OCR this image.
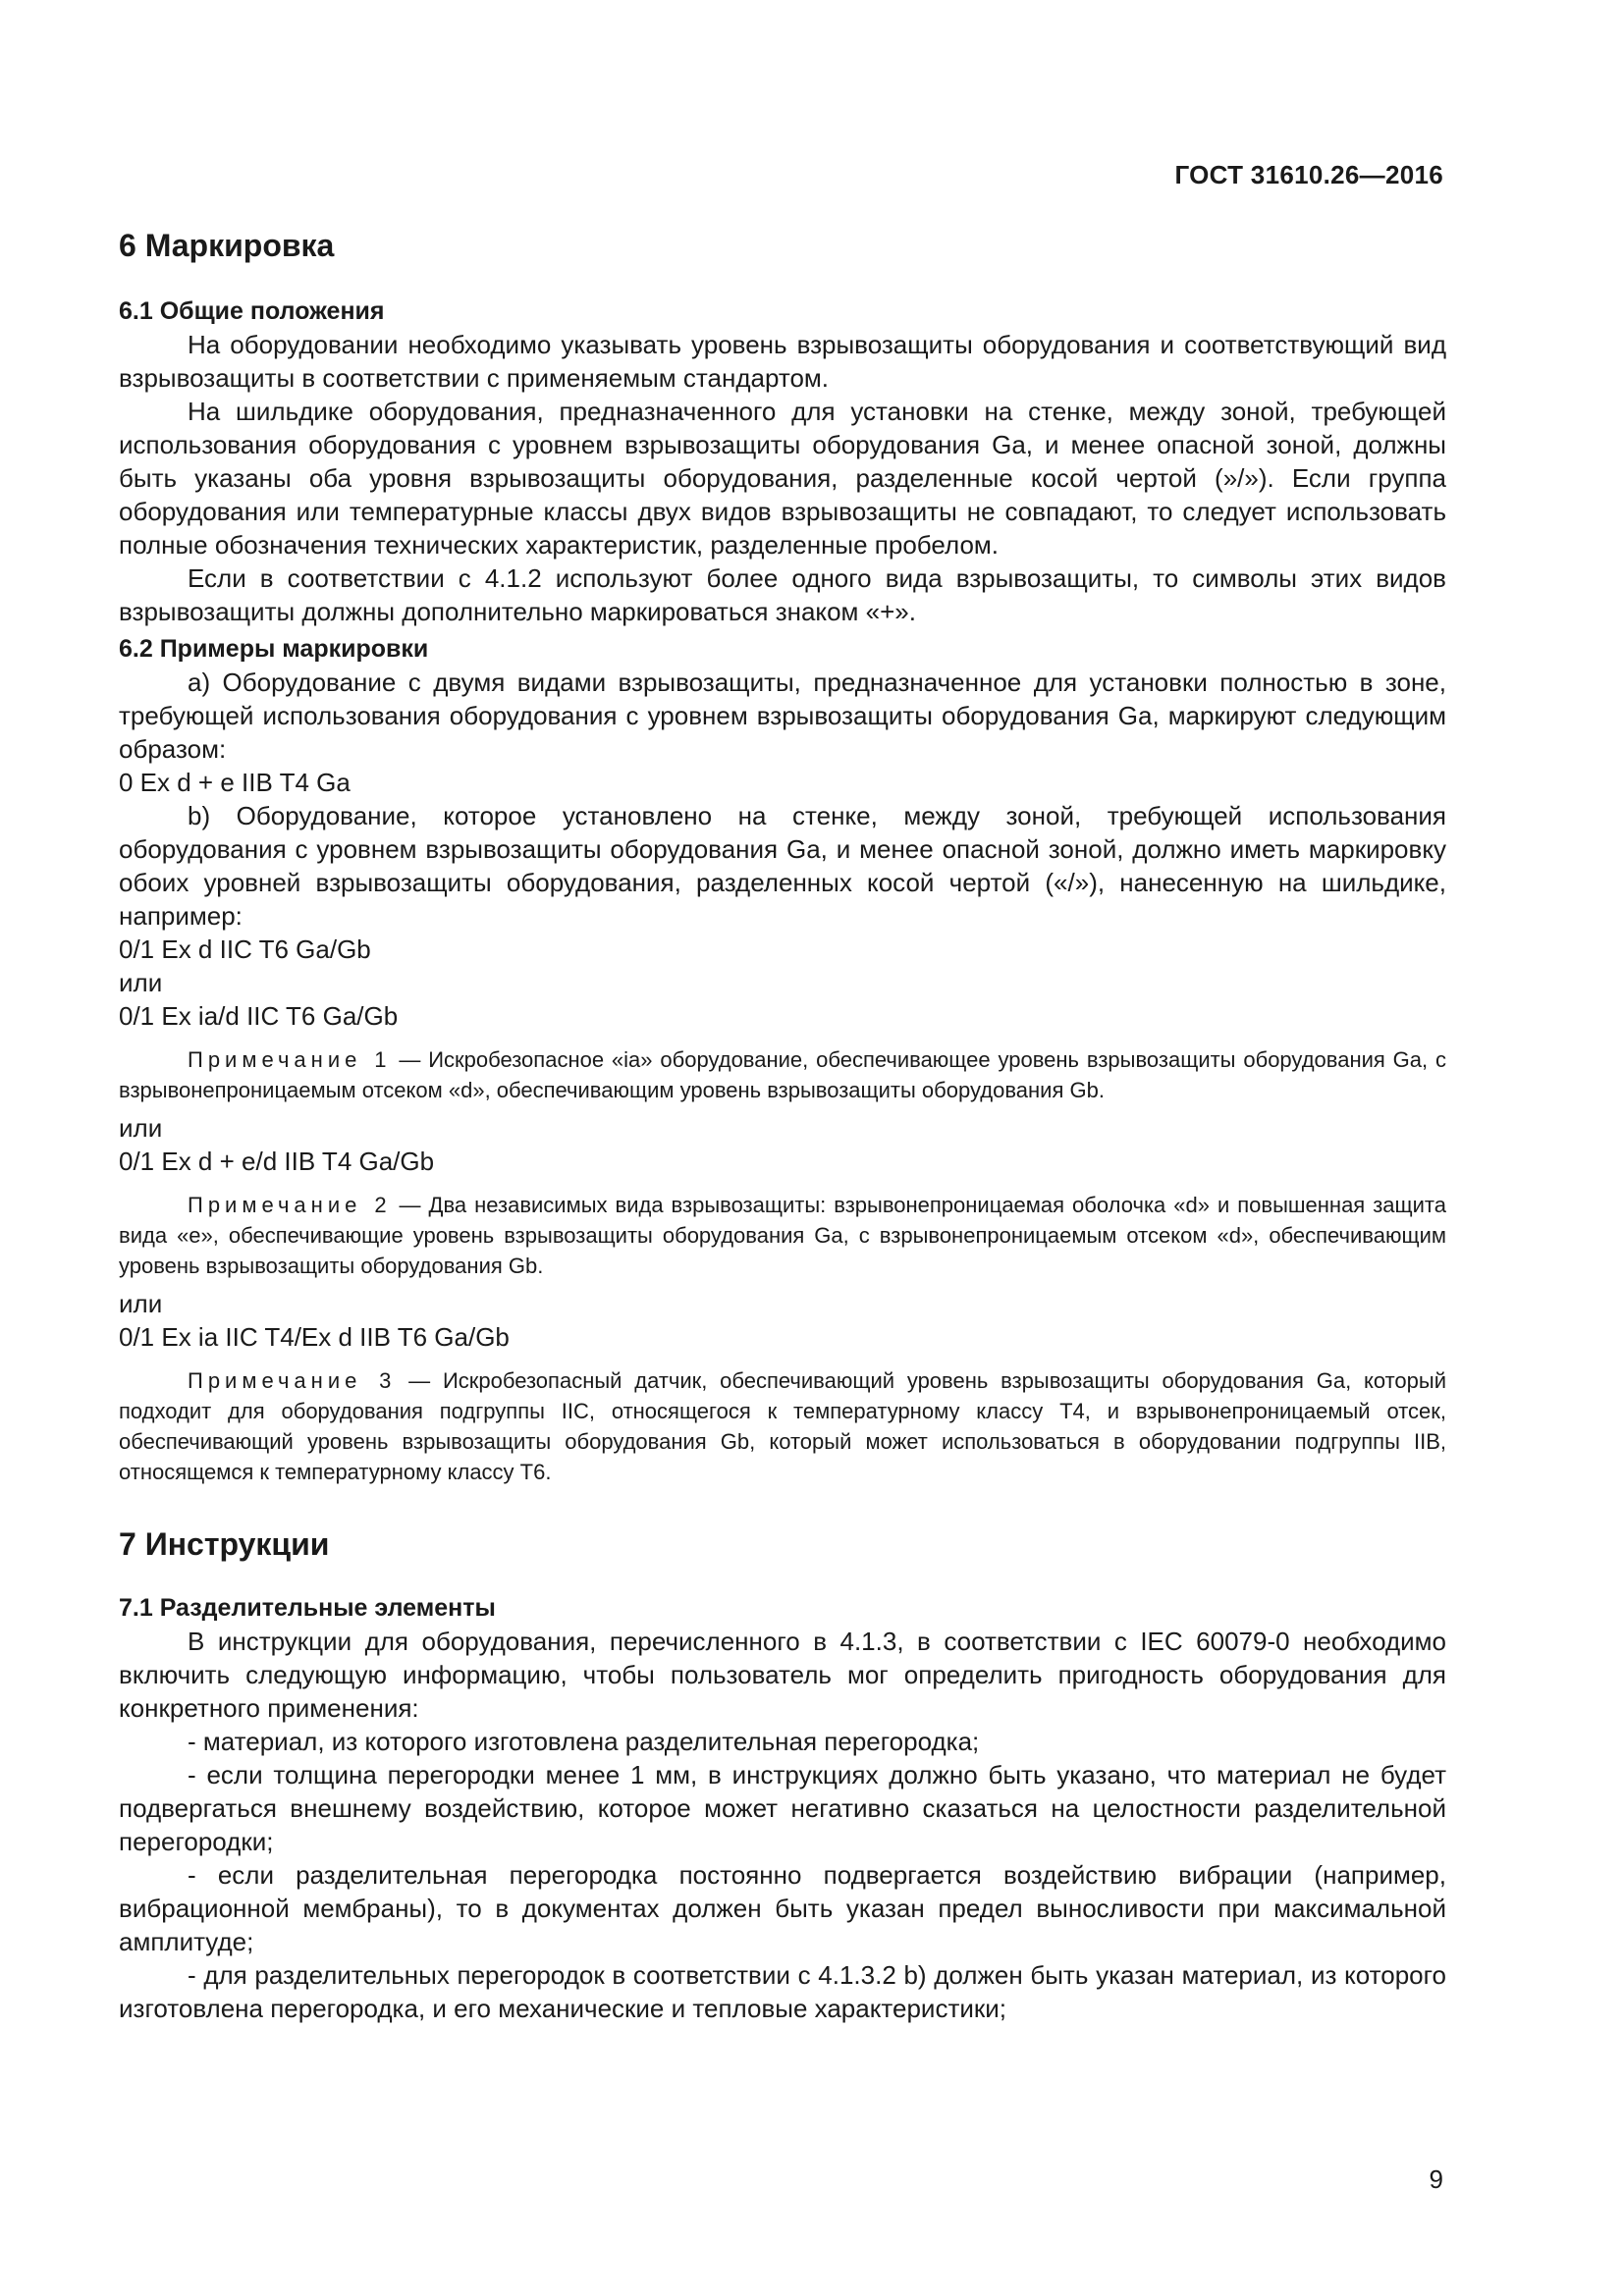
ГОСТ 31610.26—2016

6 Маркировка

6.1 Общие положения

На оборудовании необходимо указывать уровень взрывозащиты оборудования и соответствующий вид взрывозащиты в соответствии с применяемым стандартом.

На шильдике оборудования, предназначенного для установки на стенке, между зоной, требующей использования оборудования с уровнем взрывозащиты оборудования Ga, и менее опасной зоной, должны быть указаны оба уровня взрывозащиты оборудования, разделенные косой чертой (»/»). Если группа оборудования или температурные классы двух видов взрывозащиты не совпадают, то следует использовать полные обозначения технических характеристик, разделенные пробелом.

Если в соответствии с 4.1.2 используют более одного вида взрывозащиты, то символы этих видов взрывозащиты должны дополнительно маркироваться знаком «+».

6.2 Примеры маркировки

a) Оборудование с двумя видами взрывозащиты, предназначенное для установки полностью в зоне, требующей использования оборудования с уровнем взрывозащиты оборудования Ga, маркируют следующим образом:

0 Ex d + e IIB T4 Ga

b) Оборудование, которое установлено на стенке, между зоной, требующей использования оборудования с уровнем взрывозащиты оборудования Ga, и менее опасной зоной, должно иметь маркировку обоих уровней взрывозащиты оборудования, разделенных косой чертой («/»), нанесенную на шильдике, например:

0/1 Ex d IIC T6 Ga/Gb

или

0/1 Ex ia/d IIC T6 Ga/Gb

Примечание 1 — Искробезопасное «ia» оборудование, обеспечивающее уровень взрывозащиты оборудования Ga, с взрывонепроницаемым отсеком «d», обеспечивающим уровень взрывозащиты оборудования Gb.

или

0/1 Ex d + e/d IIB T4 Ga/Gb

Примечание 2 — Два независимых вида взрывозащиты: взрывонепроницаемая оболочка «d» и повышенная защита вида «е», обеспечивающие уровень взрывозащиты оборудования Ga, с взрывонепроницаемым отсеком «d», обеспечивающим уровень взрывозащиты оборудования Gb.

или

0/1 Ex ia IIC T4/Ex d IIB T6 Ga/Gb

Примечание 3 — Искробезопасный датчик, обеспечивающий уровень взрывозащиты оборудования Ga, который подходит для оборудования подгруппы IIC, относящегося к температурному классу T4, и взрывонепроницаемый отсек, обеспечивающий уровень взрывозащиты оборудования Gb, который может использоваться в оборудовании подгруппы IIB, относящемся к температурному классу T6.

7 Инструкции

7.1 Разделительные элементы

В инструкции для оборудования, перечисленного в 4.1.3, в соответствии с IEC 60079-0 необходимо включить следующую информацию, чтобы пользователь мог определить пригодность оборудования для конкретного применения:

- материал, из которого изготовлена разделительная перегородка;

- если толщина перегородки менее 1 мм, в инструкциях должно быть указано, что материал не будет подвергаться внешнему воздействию, которое может негативно сказаться на целостности разделительной перегородки;

- если разделительная перегородка постоянно подвергается воздействию вибрации (например, вибрационной мембраны), то в документах должен быть указан предел выносливости при максимальной амплитуде;

- для разделительных перегородок в соответствии с 4.1.3.2 b) должен быть указан материал, из которого изготовлена перегородка, и его механические и тепловые характеристики;

9
